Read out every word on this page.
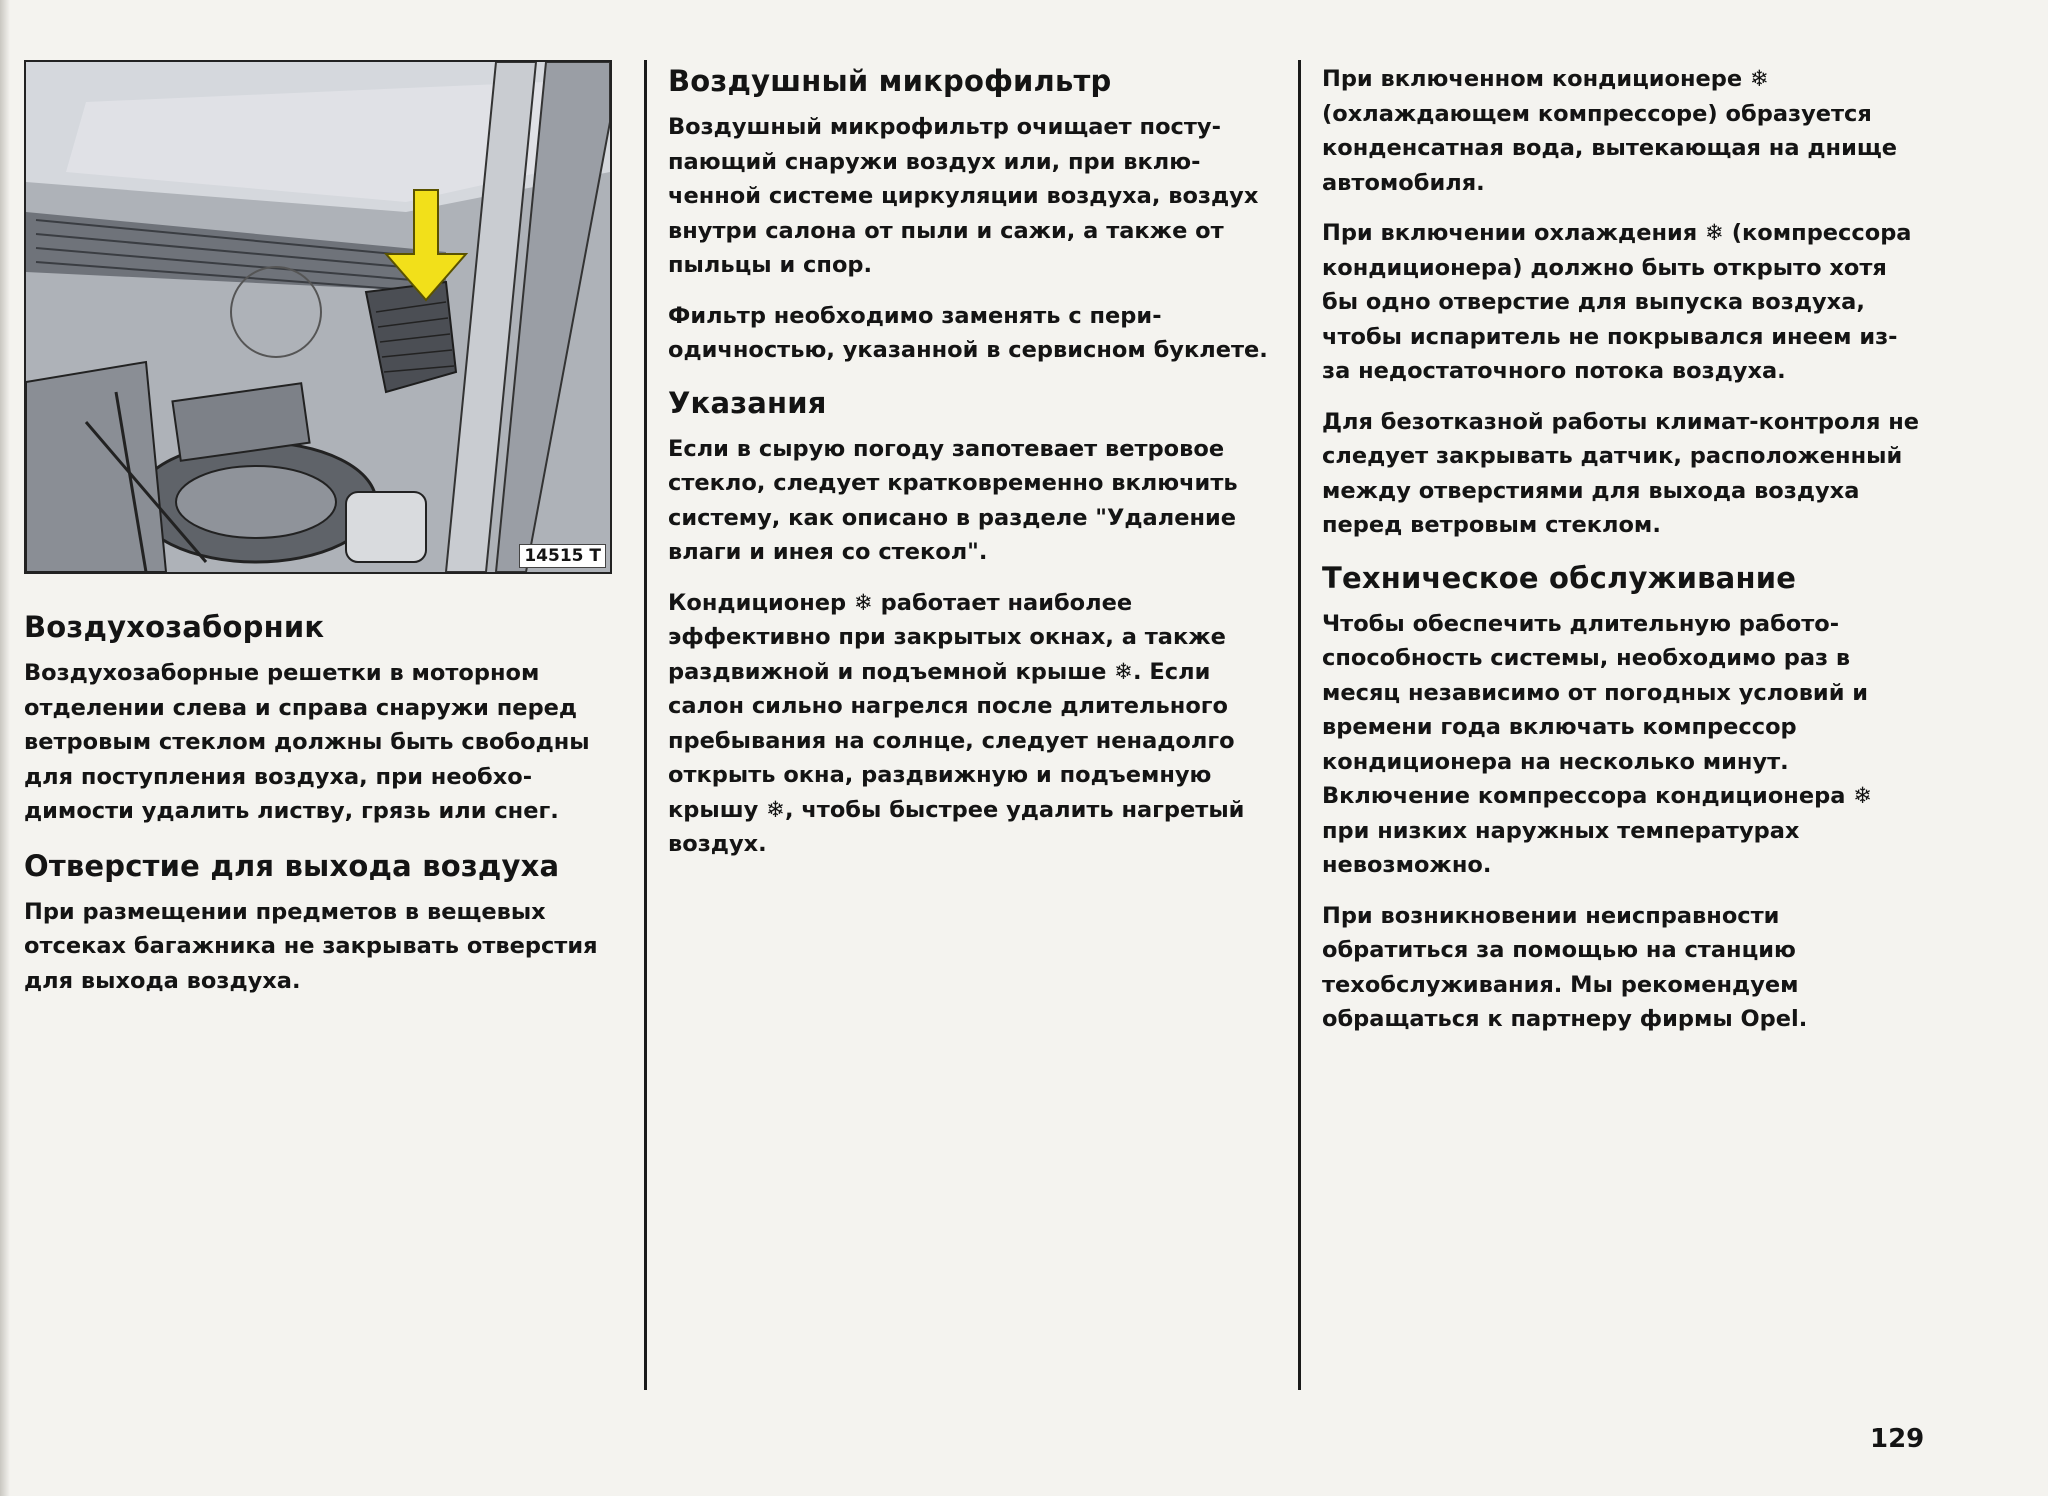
14515 T
Воздухозаборник

Воздухозаборные решетки в моторном отделении слева и справа снаружи перед ветровым стеклом должны быть свободны для поступления воздуха, при необходимости удалить листву, грязь или снег.

Отверстие для выхода воздуха

При размещении предметов в вещевых отсеках багажника не закрывать отверстия для выхода воздуха.

Воздушный микрофильтр

Воздушный микрофильтр очищает поступающий снаружи воздух или, при включенной системе циркуляции воздуха, воздух внутри салона от пыли и сажи, а также от пыльцы и спор.

Фильтр необходимо заменять с периодичностью, указанной в сервисном буклете.

Указания

Если в сырую погоду запотевает ветровое стекло, следует кратковременно включить систему, как описано в разделе "Удаление влаги и инея со стекол".

Кондиционер ❄ работает наиболее эффективно при закрытых окнах, а также раздвижной и подъемной крыше ❄. Если салон сильно нагрелся после длительного пребывания на солнце, следует ненадолго открыть окна, раздвижную и подъемную крышу ❄, чтобы быстрее удалить нагретый воздух.

При включенном кондиционере ❄ (охлаждающем компрессоре) образуется конденсатная вода, вытекающая на днище автомобиля.

При включении охлаждения ❄ (компрессора кондиционера) должно быть открыто хотя бы одно отверстие для выпуска воздуха, чтобы испаритель не покрывался инеем из-за недостаточного потока воздуха.

Для безотказной работы климат-контроля не следует закрывать датчик, расположенный между отверстиями для выхода воздуха перед ветровым стеклом.

Техническое обслуживание

Чтобы обеспечить длительную работоспособность системы, необходимо раз в месяц независимо от погодных условий и времени года включать компрессор кондиционера на несколько минут. Включение компрессора кондиционера ❄ при низких наружных температурах невозможно.

При возникновении неисправности обратиться за помощью на станцию техобслуживания. Мы рекомендуем обращаться к партнеру фирмы Opel.

129
